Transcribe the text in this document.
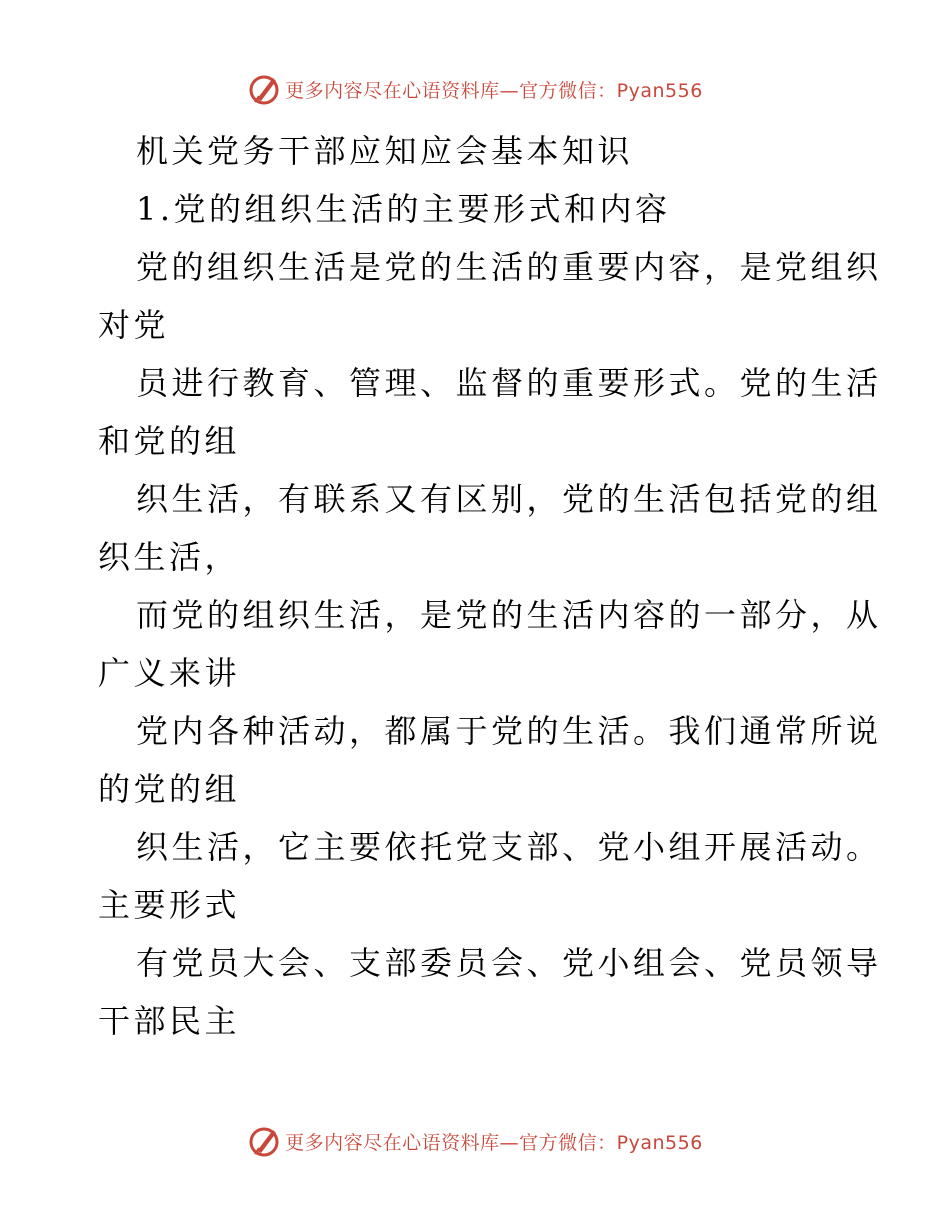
更多内容尽在心语资料库—官方微信：Pyan556
机关党务干部应知应会基本知识
1.党的组织生活的主要形式和内容
党的组织生活是党的生活的重要内容，是党组织
对党
员进行教育、管理、监督的重要形式。党的生活
和党的组
织生活，有联系又有区别，党的生活包括党的组
织生活，
而党的组织生活，是党的生活内容的一部分，从
广义来讲
党内各种活动，都属于党的生活。我们通常所说
的党的组
织生活，它主要依托党支部、党小组开展活动。
主要形式
有党员大会、支部委员会、党小组会、党员领导
干部民主
更多内容尽在心语资料库—官方微信：Pyan556
